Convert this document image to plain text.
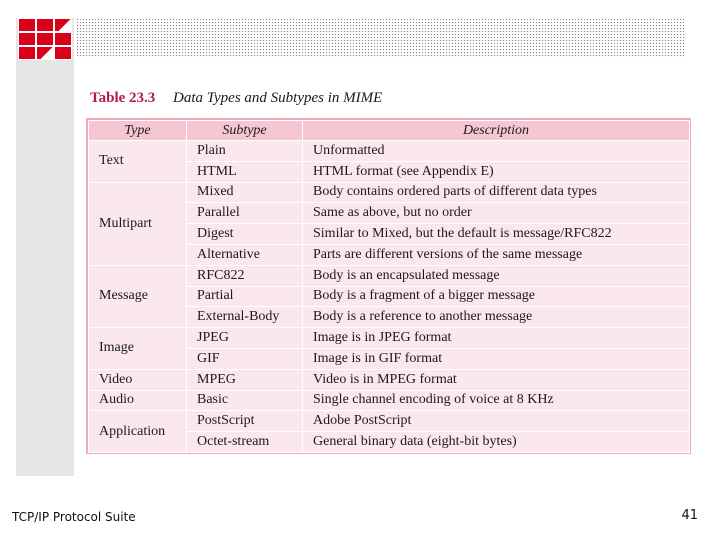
Table 23.3 Data Types and Subtypes in MIME
Type	Subtype	Description
Text	Plain	Unformatted
	HTML	HTML format (see Appendix E)
Multipart	Mixed	Body contains ordered parts of different data types
	Parallel	Same as above, but no order
	Digest	Similar to Mixed, but the default is message/RFC822
	Alternative	Parts are different versions of the same message
Message	RFC822	Body is an encapsulated message
	Partial	Body is a fragment of a bigger message
	External-Body	Body is a reference to another message
Image	JPEG	Image is in JPEG format
	GIF	Image is in GIF format
Video	MPEG	Video is in MPEG format
Audio	Basic	Single channel encoding of voice at 8 KHz
Application	PostScript	Adobe PostScript
	Octet-stream	General binary data (eight-bit bytes)
TCP/IP Protocol Suite	41
